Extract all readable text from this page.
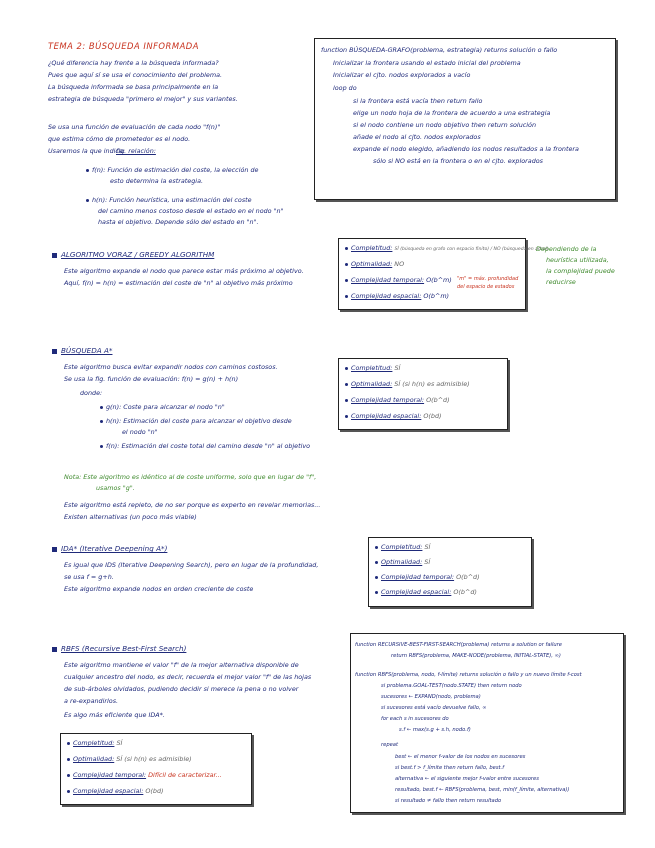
TEMA 2: BÚSQUEDA INFORMADA
¿Qué diferencia hay frente a la búsqueda informada?
Pues que aquí sí se usa el conocimiento del problema.
La búsqueda informada se basa principalmente en la
estrategia de búsqueda "primero el mejor" y sus variantes.
Se usa una función de evaluación de cada nodo "f(n)"
que estima cómo de prometedor es el nodo.
Usaremos la que indica:
fig. relación:
f(n): Función de estimación del coste, la elección de
esto determina la estrategia.
h(n): Función heurística, una estimación del coste
del camino menos costoso desde el estado en el nodo "n"
hasta el objetivo. Depende sólo del estado en "n".
function BÚSQUEDA-GRAFO(problema, estrategia) returns solución o fallo
Inicializar la frontera usando el estado inicial del problema
Inicializar el cjto. nodos explorados a vacío
loop do
si la frontera está vacía then return fallo
elige un nodo hoja de la frontera de acuerdo a una estrategia
si el nodo contiene un nodo objetivo then return solución
añade el nodo al cjto. nodos explorados
expande el nodo elegido, añadiendo los nodos resultados a la frontera
sólo si NO está en la frontera o en el cjto. explorados
ALGORITMO VORAZ / GREEDY ALGORITHM
Este algoritmo expande el nodo que parece estar más próximo al objetivo.
Aquí, f(n) = h(n) = estimación del coste de "n" al objetivo más próximo
Completitud: SÍ (búsqueda en grafo con espacio finito) / NO (búsqueda en árbol)
Optimalidad: NO
Complejidad temporal: O(b^m)
Complejidad espacial: O(b^m)
"m" = máx. profundidad
del espacio de estados
Dependiendo de la
heurística utilizada,
la complejidad puede
reducirse
BÚSQUEDA A*
Este algoritmo busca evitar expandir nodos con caminos costosos.
Se usa la fig. función de evaluación: f(n) = g(n) + h(n)
donde:
g(n): Coste para alcanzar el nodo "n"
h(n): Estimación del coste para alcanzar el objetivo desde
el nodo "n"
f(n): Estimación del coste total del camino desde "n" al objetivo
Nota: Este algoritmo es idéntico al de coste uniforme, solo que en lugar de "f",
usamos "g".
Este algoritmo está repleto, de no ser porque es experto en revelar memorias...
Existen alternativas (un poco más viable)
Completitud: SÍ
Optimalidad: SÍ (si h(n) es admisible)
Complejidad temporal: O(b^d)
Complejidad espacial: O(bd)
IDA* (Iterative Deepening A*)
Es igual que IDS (Iterative Deepening Search), pero en lugar de la profundidad,
se usa f = g+h.
Este algoritmo expande nodos en orden creciente de coste
Completitud: SÍ
Optimalidad: SÍ
Complejidad temporal: O(b^d)
Complejidad espacial: O(b^d)
RBFS (Recursive Best-First Search)
Este algoritmo mantiene el valor "f" de la mejor alternativa disponible de
cualquier ancestro del nodo, es decir, recuerda el mejor valor "f" de las hojas
de sub-árboles olvidados, pudiendo decidir si merece la pena o no volver
a re-expandirlos.
Es algo más eficiente que IDA*.
Completitud: SÍ
Optimalidad: SÍ (si h(n) es admisible)
Complejidad temporal: Difícil de caracterizar...
Complejidad espacial: O(bd)
function RECURSIVE-BEST-FIRST-SEARCH(problema) returns a solution or failure
return RBFS(problema, MAKE-NODE(problema, INITIAL-STATE), ∞)
function RBFS(problema, nodo, f-límite) returns solución o fallo y un nuevo límite f-cost
si problema.GOAL-TEST(nodo.STATE) then return nodo
sucesores ← EXPAND(nodo, problema)
si sucesores está vacío devuelve fallo, ∞
for each s in sucesores do
s.f ← max(s.g + s.h, nodo.f)
repeat
best ← el menor f-valor de los nodos en sucesores
si best.f > f_límite then return fallo, best.f
alternativa ← el siguiente mejor f-valor entre sucesores
resultado, best.f ← RBFS(problema, best, min(f_límite, alternativa))
si resultado ≠ fallo then return resultado
